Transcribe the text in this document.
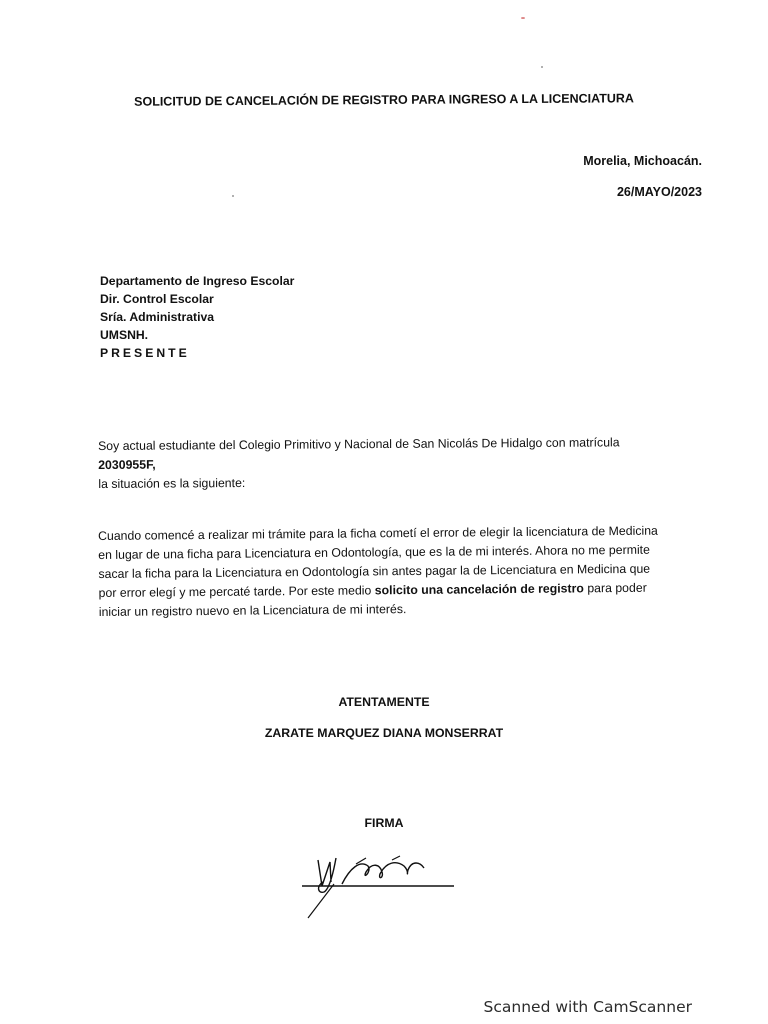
SOLICITUD DE CANCELACIÓN DE REGISTRO PARA INGRESO A LA LICENCIATURA
Morelia, Michoacán.
26/MAYO/2023
Departamento de Ingreso Escolar
Dir. Control Escolar
Sría. Administrativa
UMSNH.
PRESENTE
Soy actual estudiante del Colegio Primitivo y Nacional de San Nicolás De Hidalgo con matrícula
2030955F,
la situación es la siguiente:
Cuando comencé a realizar mi trámite para la ficha cometí el error de elegir la licenciatura de Medicina en lugar de una ficha para Licenciatura en Odontología, que es la de mi interés. Ahora no me permite sacar la ficha para la Licenciatura en Odontología sin antes pagar la de Licenciatura en Medicina que por error elegí y me percaté tarde. Por este medio solicito una cancelación de registro para poder iniciar un registro nuevo en la Licenciatura de mi interés.
ATENTAMENTE
ZARATE MARQUEZ DIANA MONSERRAT
FIRMA
Scanned with CamScanner
